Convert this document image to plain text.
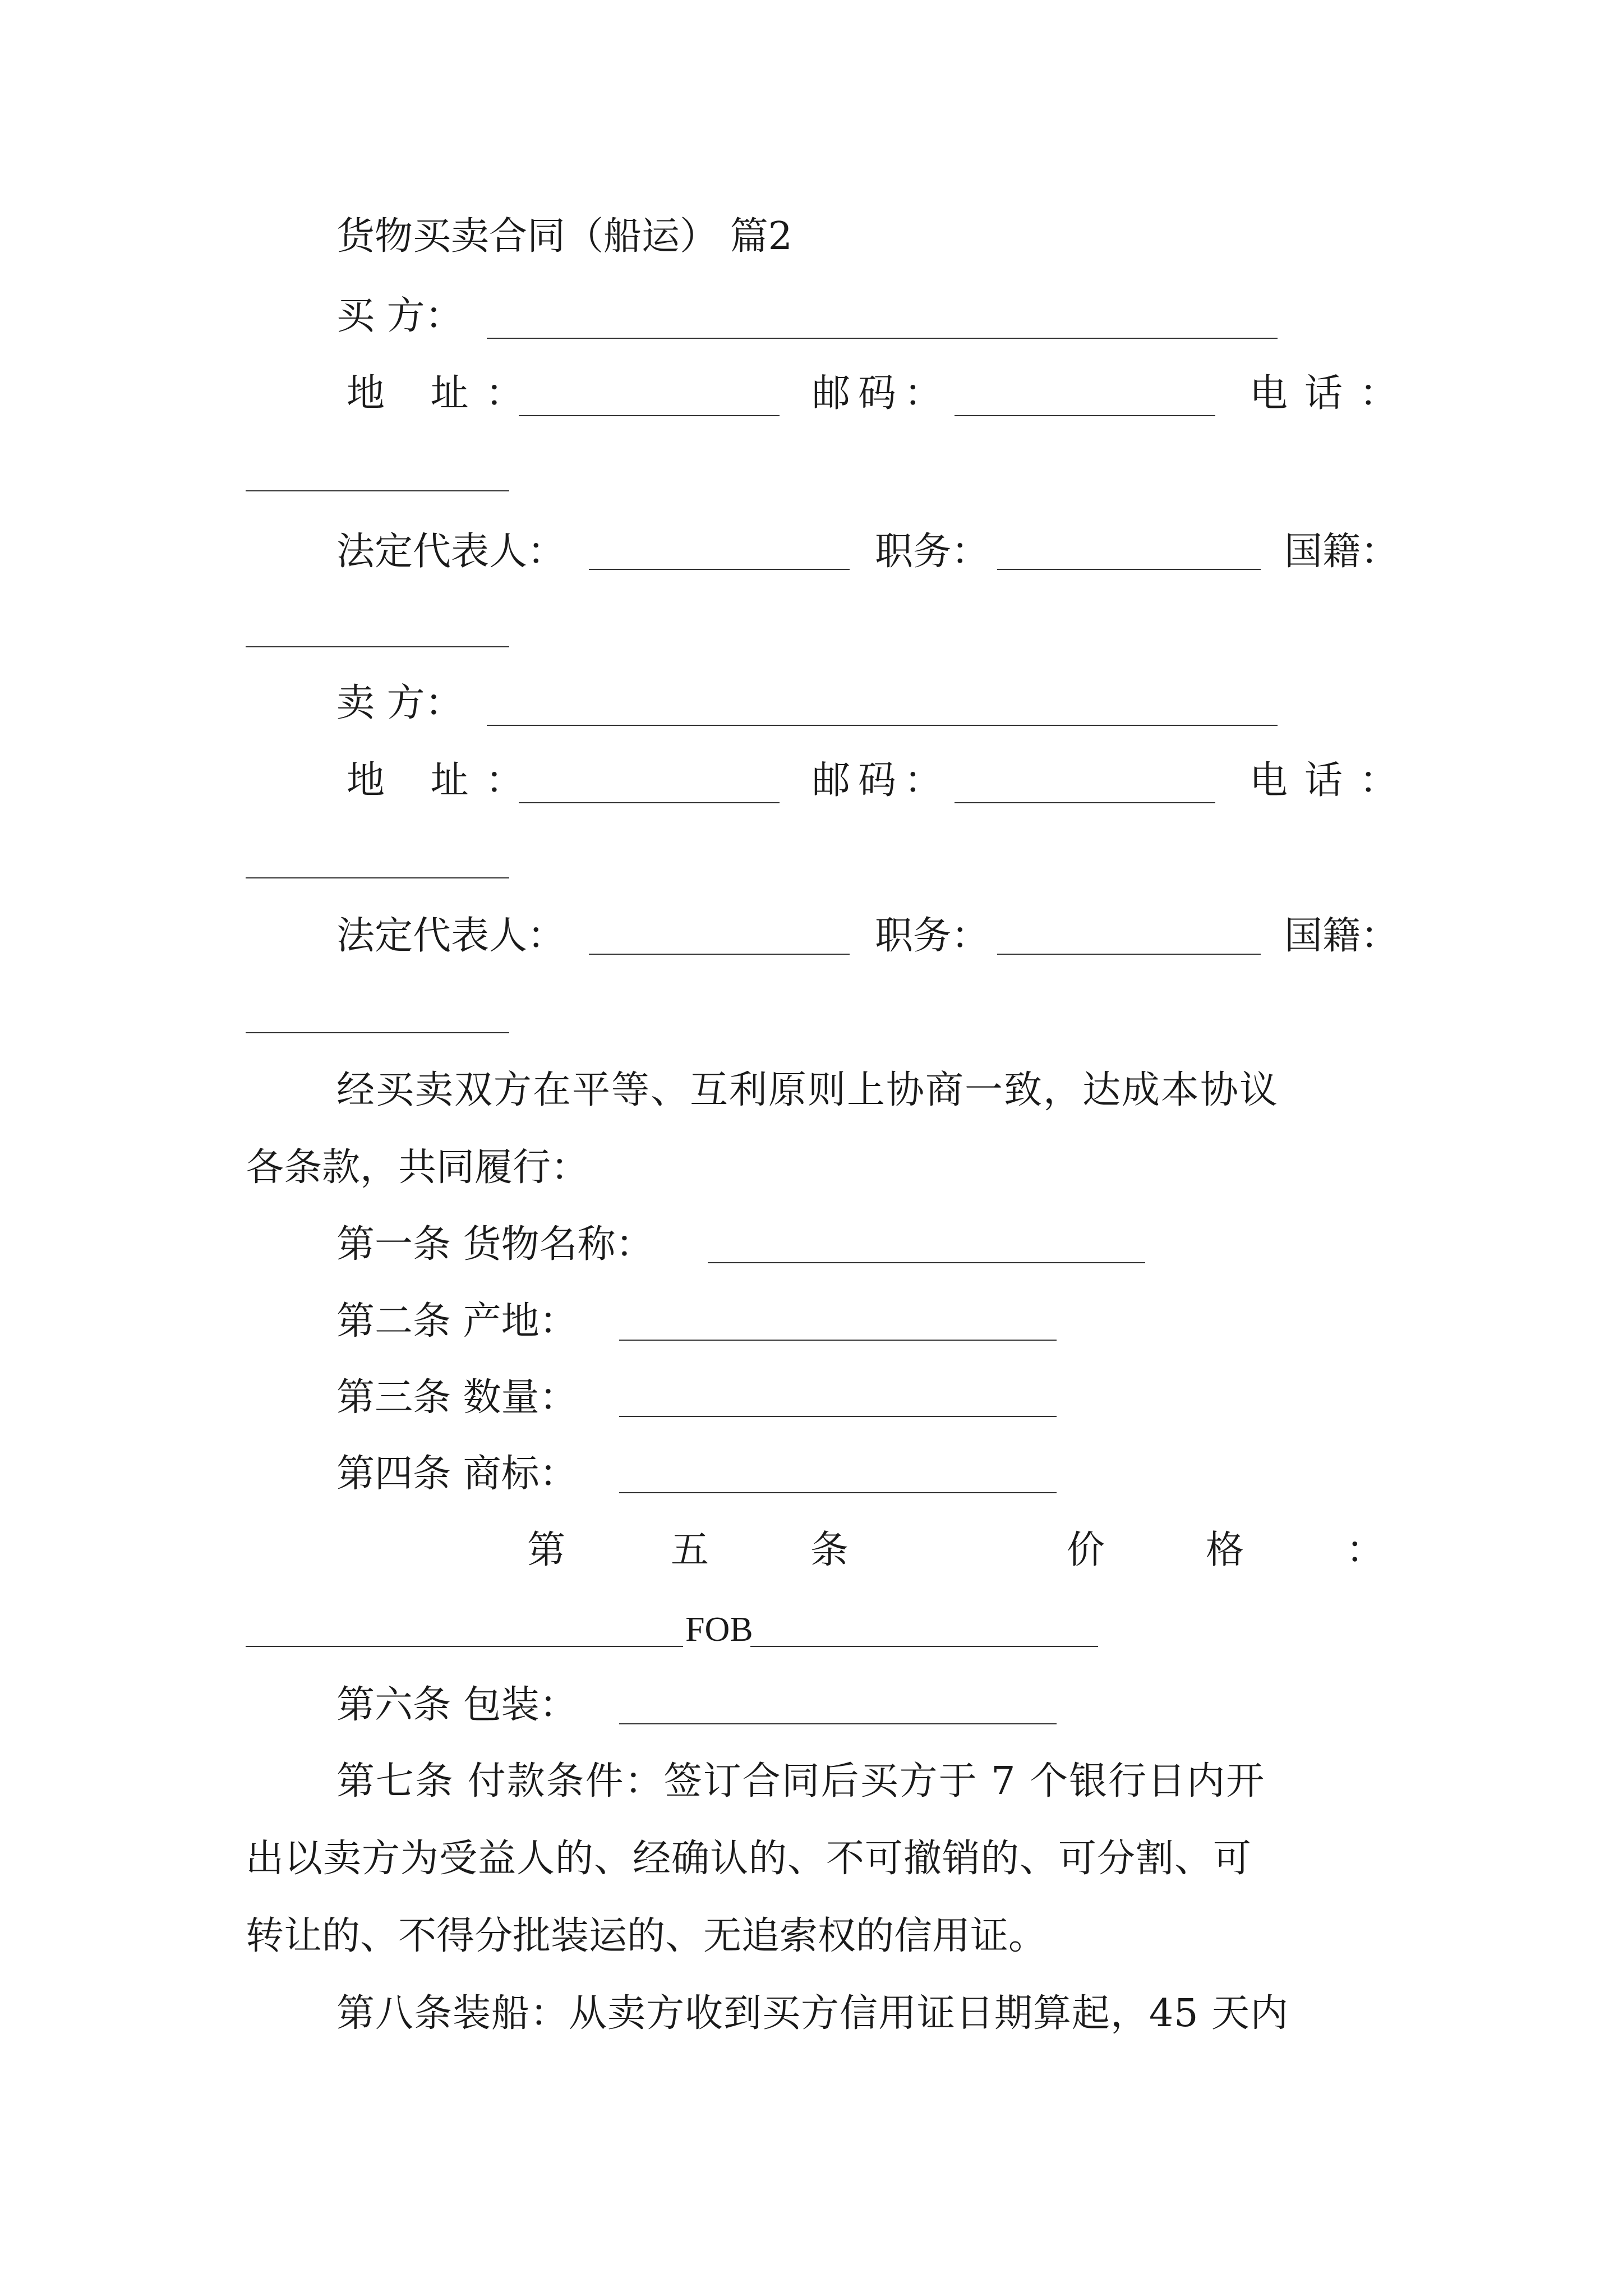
货物买卖合同（船运） 篇2
买 方：
地 址：	邮码：	电话：
法定代表人：	职务：	国籍：
卖 方：
地 址：	邮码：	电话：
法定代表人：	职务：	国籍：
经买卖双方在平等、互利原则上协商一致，达成本协议
各条款，共同履行：
第一条 货物名称：
第二条 产地：
第三条 数量：
第四条 商标：
第	五	条	价	格	：
FOB
第六条 包装：
第七条 付款条件：签订合同后买方于 7 个银行日内开
出以卖方为受益人的、经确认的、不可撤销的、可分割、可
转让的、不得分批装运的、无追索权的信用证。
第八条装船：从卖方收到买方信用证日期算起，45 天内
